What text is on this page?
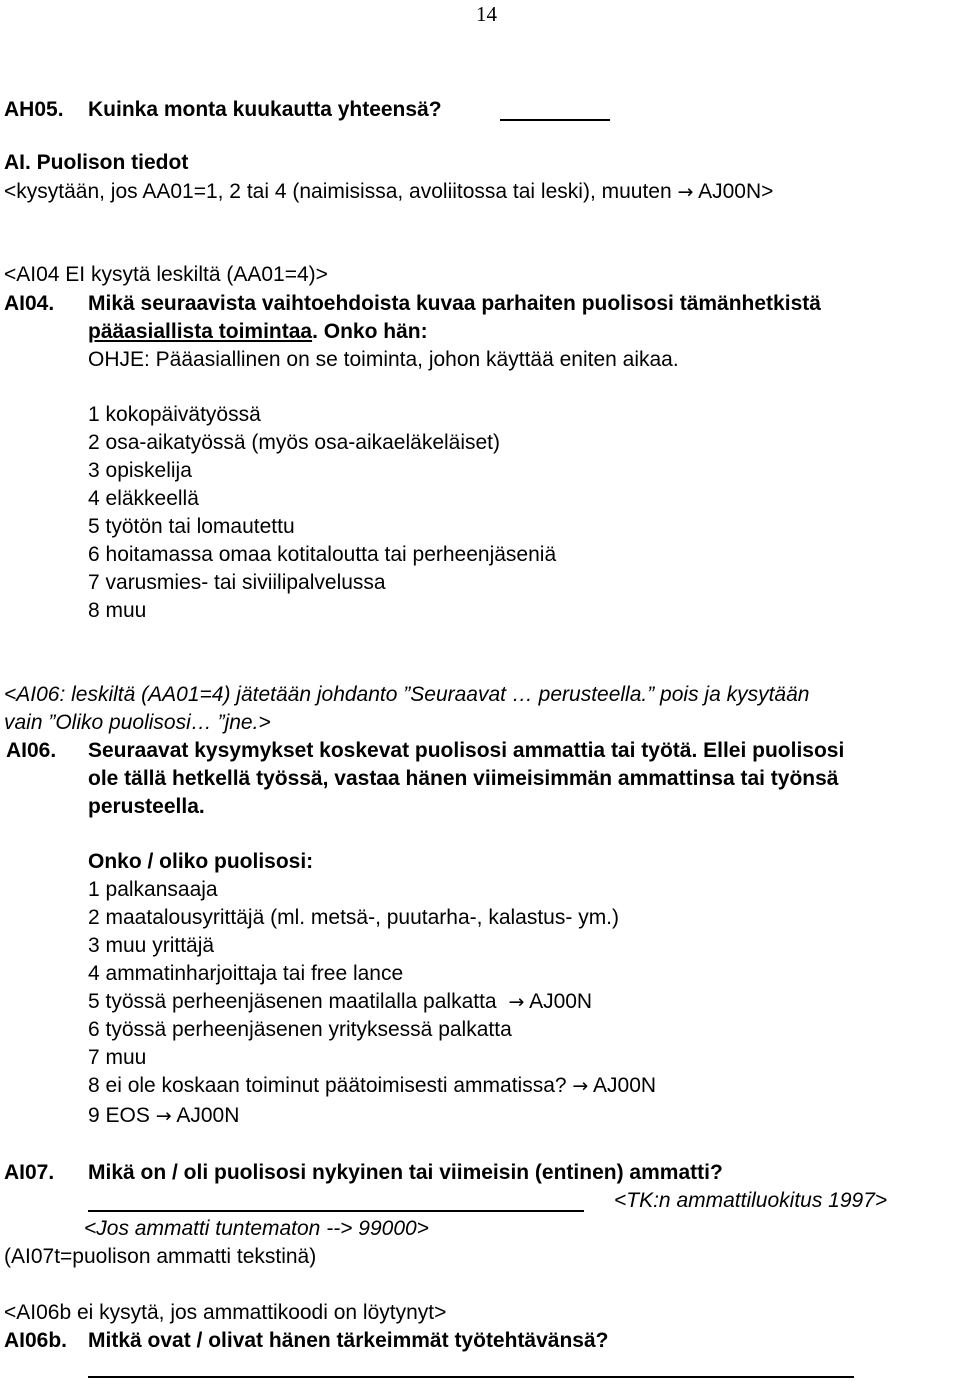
14
AH05. Kuinka monta kuukautta yhteensä?
AI. Puolison tiedot
<kysytään, jos AA01=1, 2 tai 4 (naimisissa, avoliitossa tai leski), muuten → AJ00N>
<AI04 EI kysytä leskiltä (AA01=4)>
AI04. Mikä seuraavista vaihtoehdoista kuvaa parhaiten puolisosi tämänhetkistä
pääasiallista toimintaa. Onko hän:
OHJE: Pääasiallinen on se toiminta, johon käyttää eniten aikaa.
1 kokopäivätyössä
2 osa-aikatyössä (myös osa-aikaeläkeläiset)
3 opiskelija
4 eläkkeellä
5 työtön tai lomautettu
6 hoitamassa omaa kotitaloutta tai perheenjäseniä
7 varusmies- tai siviilipalvelussa
8 muu
<AI06: leskiltä (AA01=4) jätetään johdanto ”Seuraavat … perusteella.” pois ja kysytään
vain ”Oliko puolisosi… ”jne.>
AI06. Seuraavat kysymykset koskevat puolisosi ammattia tai työtä. Ellei puolisosi
ole tällä hetkellä työssä, vastaa hänen viimeisimmän ammattinsa tai työnsä
perusteella.
Onko / oliko puolisosi:
1 palkansaaja
2 maatalousyrittäjä (ml. metsä-, puutarha-, kalastus- ym.)
3 muu yrittäjä
4 ammatinharjoittaja tai free lance
5 työssä perheenjäsenen maatilalla palkatta → AJ00N
6 työssä perheenjäsenen yrityksessä palkatta
7 muu
8 ei ole koskaan toiminut päätoimisesti ammatissa? → AJ00N
9 EOS → AJ00N
AI07. Mikä on / oli puolisosi nykyinen tai viimeisin (entinen) ammatti?
<TK:n ammattiluokitus 1997>
<Jos ammatti tuntematon --> 99000>
(AI07t=puolison ammatti tekstinä)
<AI06b ei kysytä, jos ammattikoodi on löytynyt>
AI06b. Mitkä ovat / olivat hänen tärkeimmät työtehtävänsä?
